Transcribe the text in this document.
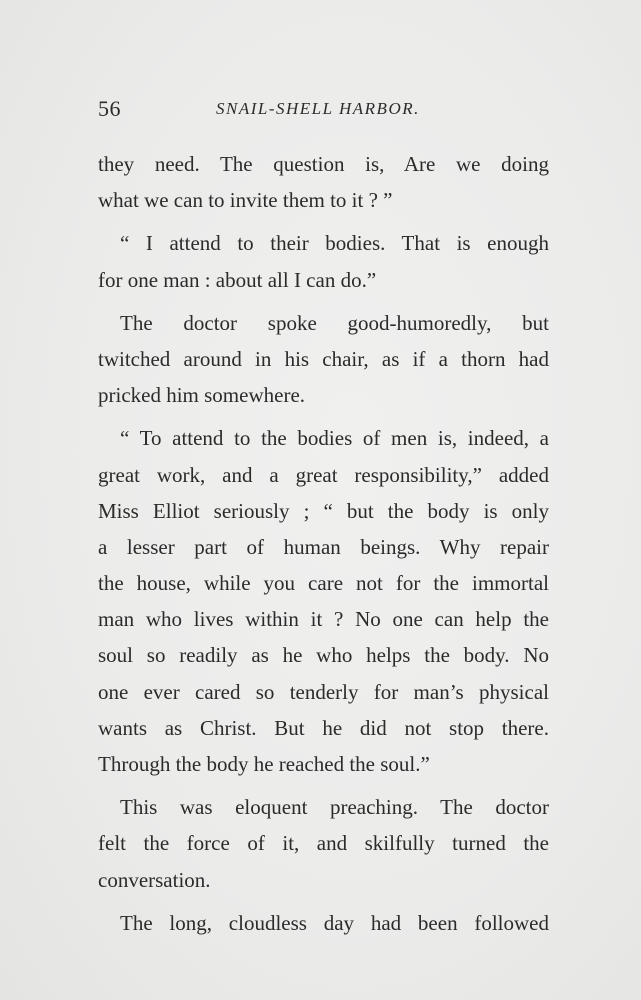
56	SNAIL-SHELL HARBOR.
they need. The question is, Are we doing
what we can to invite them to it ? ”
“ I attend to their bodies. That is enough
for one man : about all I can do.”
The doctor spoke good-humoredly, but
twitched around in his chair, as if a thorn had
pricked him somewhere.
“ To attend to the bodies of men is, indeed, a
great work, and a great responsibility,” added
Miss Elliot seriously ; “ but the body is only
a lesser part of human beings. Why repair
the house, while you care not for the immortal
man who lives within it ? No one can help the
soul so readily as he who helps the body. No
one ever cared so tenderly for man’s physical
wants as Christ. But he did not stop there.
Through the body he reached the soul.”
This was eloquent preaching. The doctor
felt the force of it, and skilfully turned the
conversation.
The long, cloudless day had been followed
